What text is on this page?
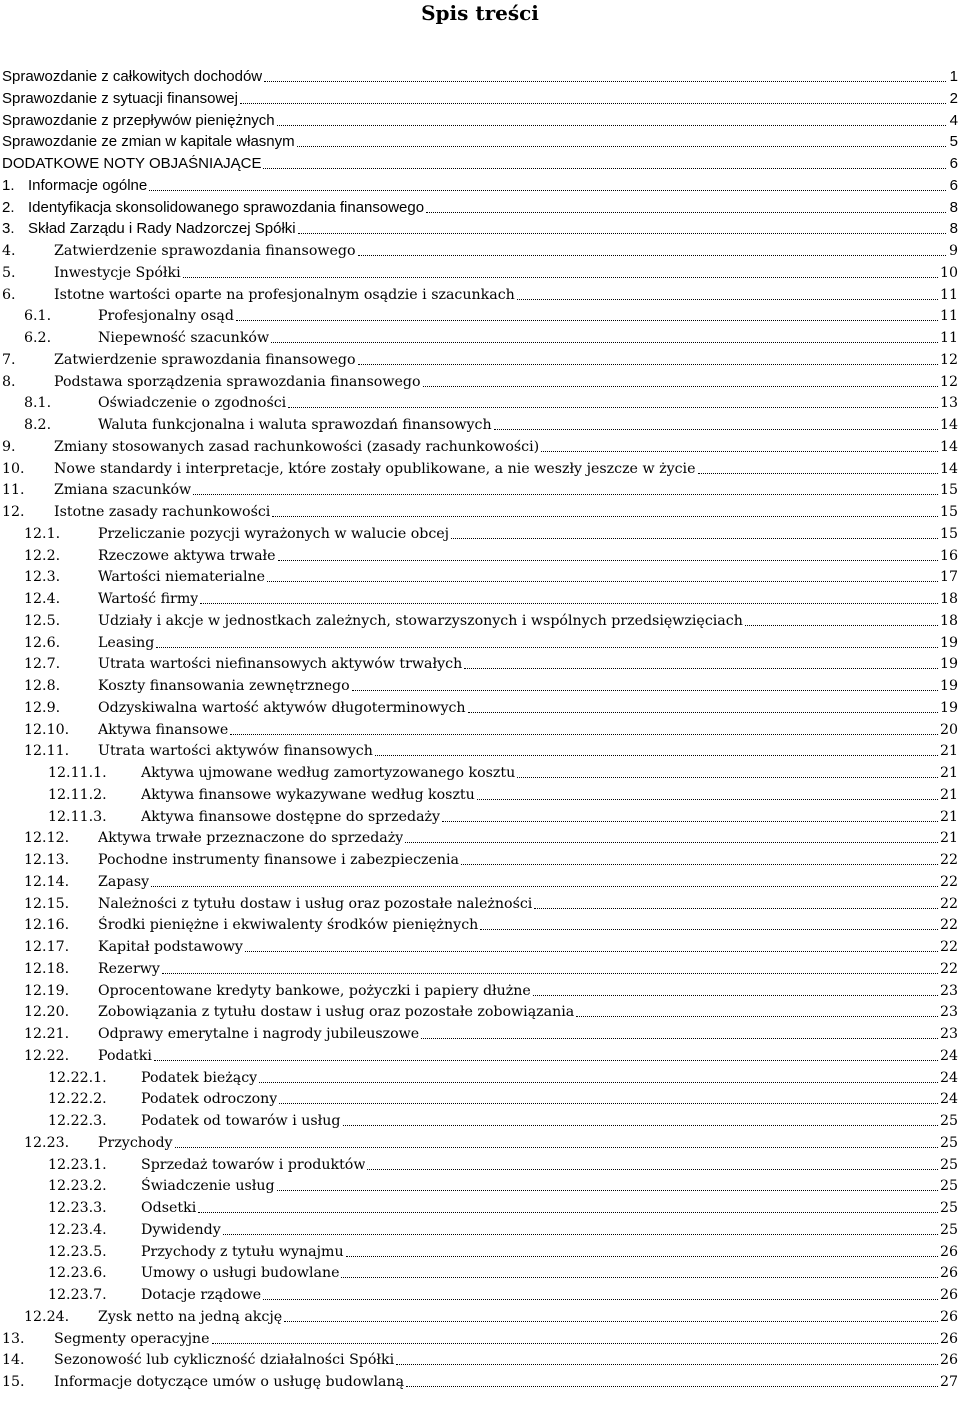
Spis treści
Sprawozdanie z całkowitych dochodów	1
Sprawozdanie z sytuacji finansowej	2
Sprawozdanie z przepływów pieniężnych	4
Sprawozdanie ze zmian w kapitale własnym	5
DODATKOWE NOTY OBJAŚNIAJĄCE	6
1. Informacje ogólne	6
2. Identyfikacja skonsolidowanego sprawozdania finansowego	8
3. Skład Zarządu i Rady Nadzorczej Spółki	8
4.	Zatwierdzenie sprawozdania finansowego	9
5.	Inwestycje Spółki	10
6.	Istotne wartości oparte na profesjonalnym osądzie i szacunkach	11
6.1.	Profesjonalny osąd	11
6.2.	Niepewność szacunków	11
7.	Zatwierdzenie sprawozdania finansowego	12
8.	Podstawa sporządzenia sprawozdania finansowego	12
8.1.	Oświadczenie o zgodności	13
8.2.	Waluta funkcjonalna i waluta sprawozdań finansowych	14
9.	Zmiany stosowanych zasad rachunkowości (zasady rachunkowości)	14
10.	Nowe standardy i interpretacje, które zostały opublikowane, a nie weszły jeszcze w życie	14
11.	Zmiana szacunków	15
12.	Istotne zasady rachunkowości	15
12.1.	Przeliczanie pozycji wyrażonych w walucie obcej	15
12.2.	Rzeczowe aktywa trwałe	16
12.3.	Wartości niematerialne	17
12.4.	Wartość firmy	18
12.5.	Udziały i akcje w jednostkach zależnych, stowarzyszonych i wspólnych przedsięwzięciach	18
12.6.	Leasing	19
12.7.	Utrata wartości niefinansowych aktywów trwałych	19
12.8.	Koszty finansowania zewnętrznego	19
12.9.	Odzyskiwalna wartość aktywów długoterminowych	19
12.10.	Aktywa finansowe	20
12.11.	Utrata wartości aktywów finansowych	21
12.11.1.	Aktywa ujmowane według zamortyzowanego kosztu	21
12.11.2.	Aktywa finansowe wykazywane według kosztu	21
12.11.3.	Aktywa finansowe dostępne do sprzedaży	21
12.12.	Aktywa trwałe przeznaczone do sprzedaży	21
12.13.	Pochodne instrumenty finansowe i zabezpieczenia	22
12.14.	Zapasy	22
12.15.	Należności z tytułu dostaw i usług oraz pozostałe należności	22
12.16.	Środki pieniężne i ekwiwalenty środków pieniężnych	22
12.17.	Kapitał podstawowy	22
12.18.	Rezerwy	22
12.19.	Oprocentowane kredyty bankowe, pożyczki i papiery dłużne	23
12.20.	Zobowiązania z tytułu dostaw i usług oraz pozostałe zobowiązania	23
12.21.	Odprawy emerytalne i nagrody jubileuszowe	23
12.22.	Podatki	24
12.22.1.	Podatek bieżący	24
12.22.2.	Podatek odroczony	24
12.22.3.	Podatek od towarów i usług	25
12.23.	Przychody	25
12.23.1.	Sprzedaż towarów i produktów	25
12.23.2.	Świadczenie usług	25
12.23.3.	Odsetki	25
12.23.4.	Dywidendy	25
12.23.5.	Przychody z tytułu wynajmu	26
12.23.6.	Umowy o usługi budowlane	26
12.23.7.	Dotacje rządowe	26
12.24.	Zysk netto na jedną akcję	26
13.	Segmenty operacyjne	26
14.	Sezonowość lub cykliczność działalności Spółki	26
15.	Informacje dotyczące umów o usługę budowlaną	27
